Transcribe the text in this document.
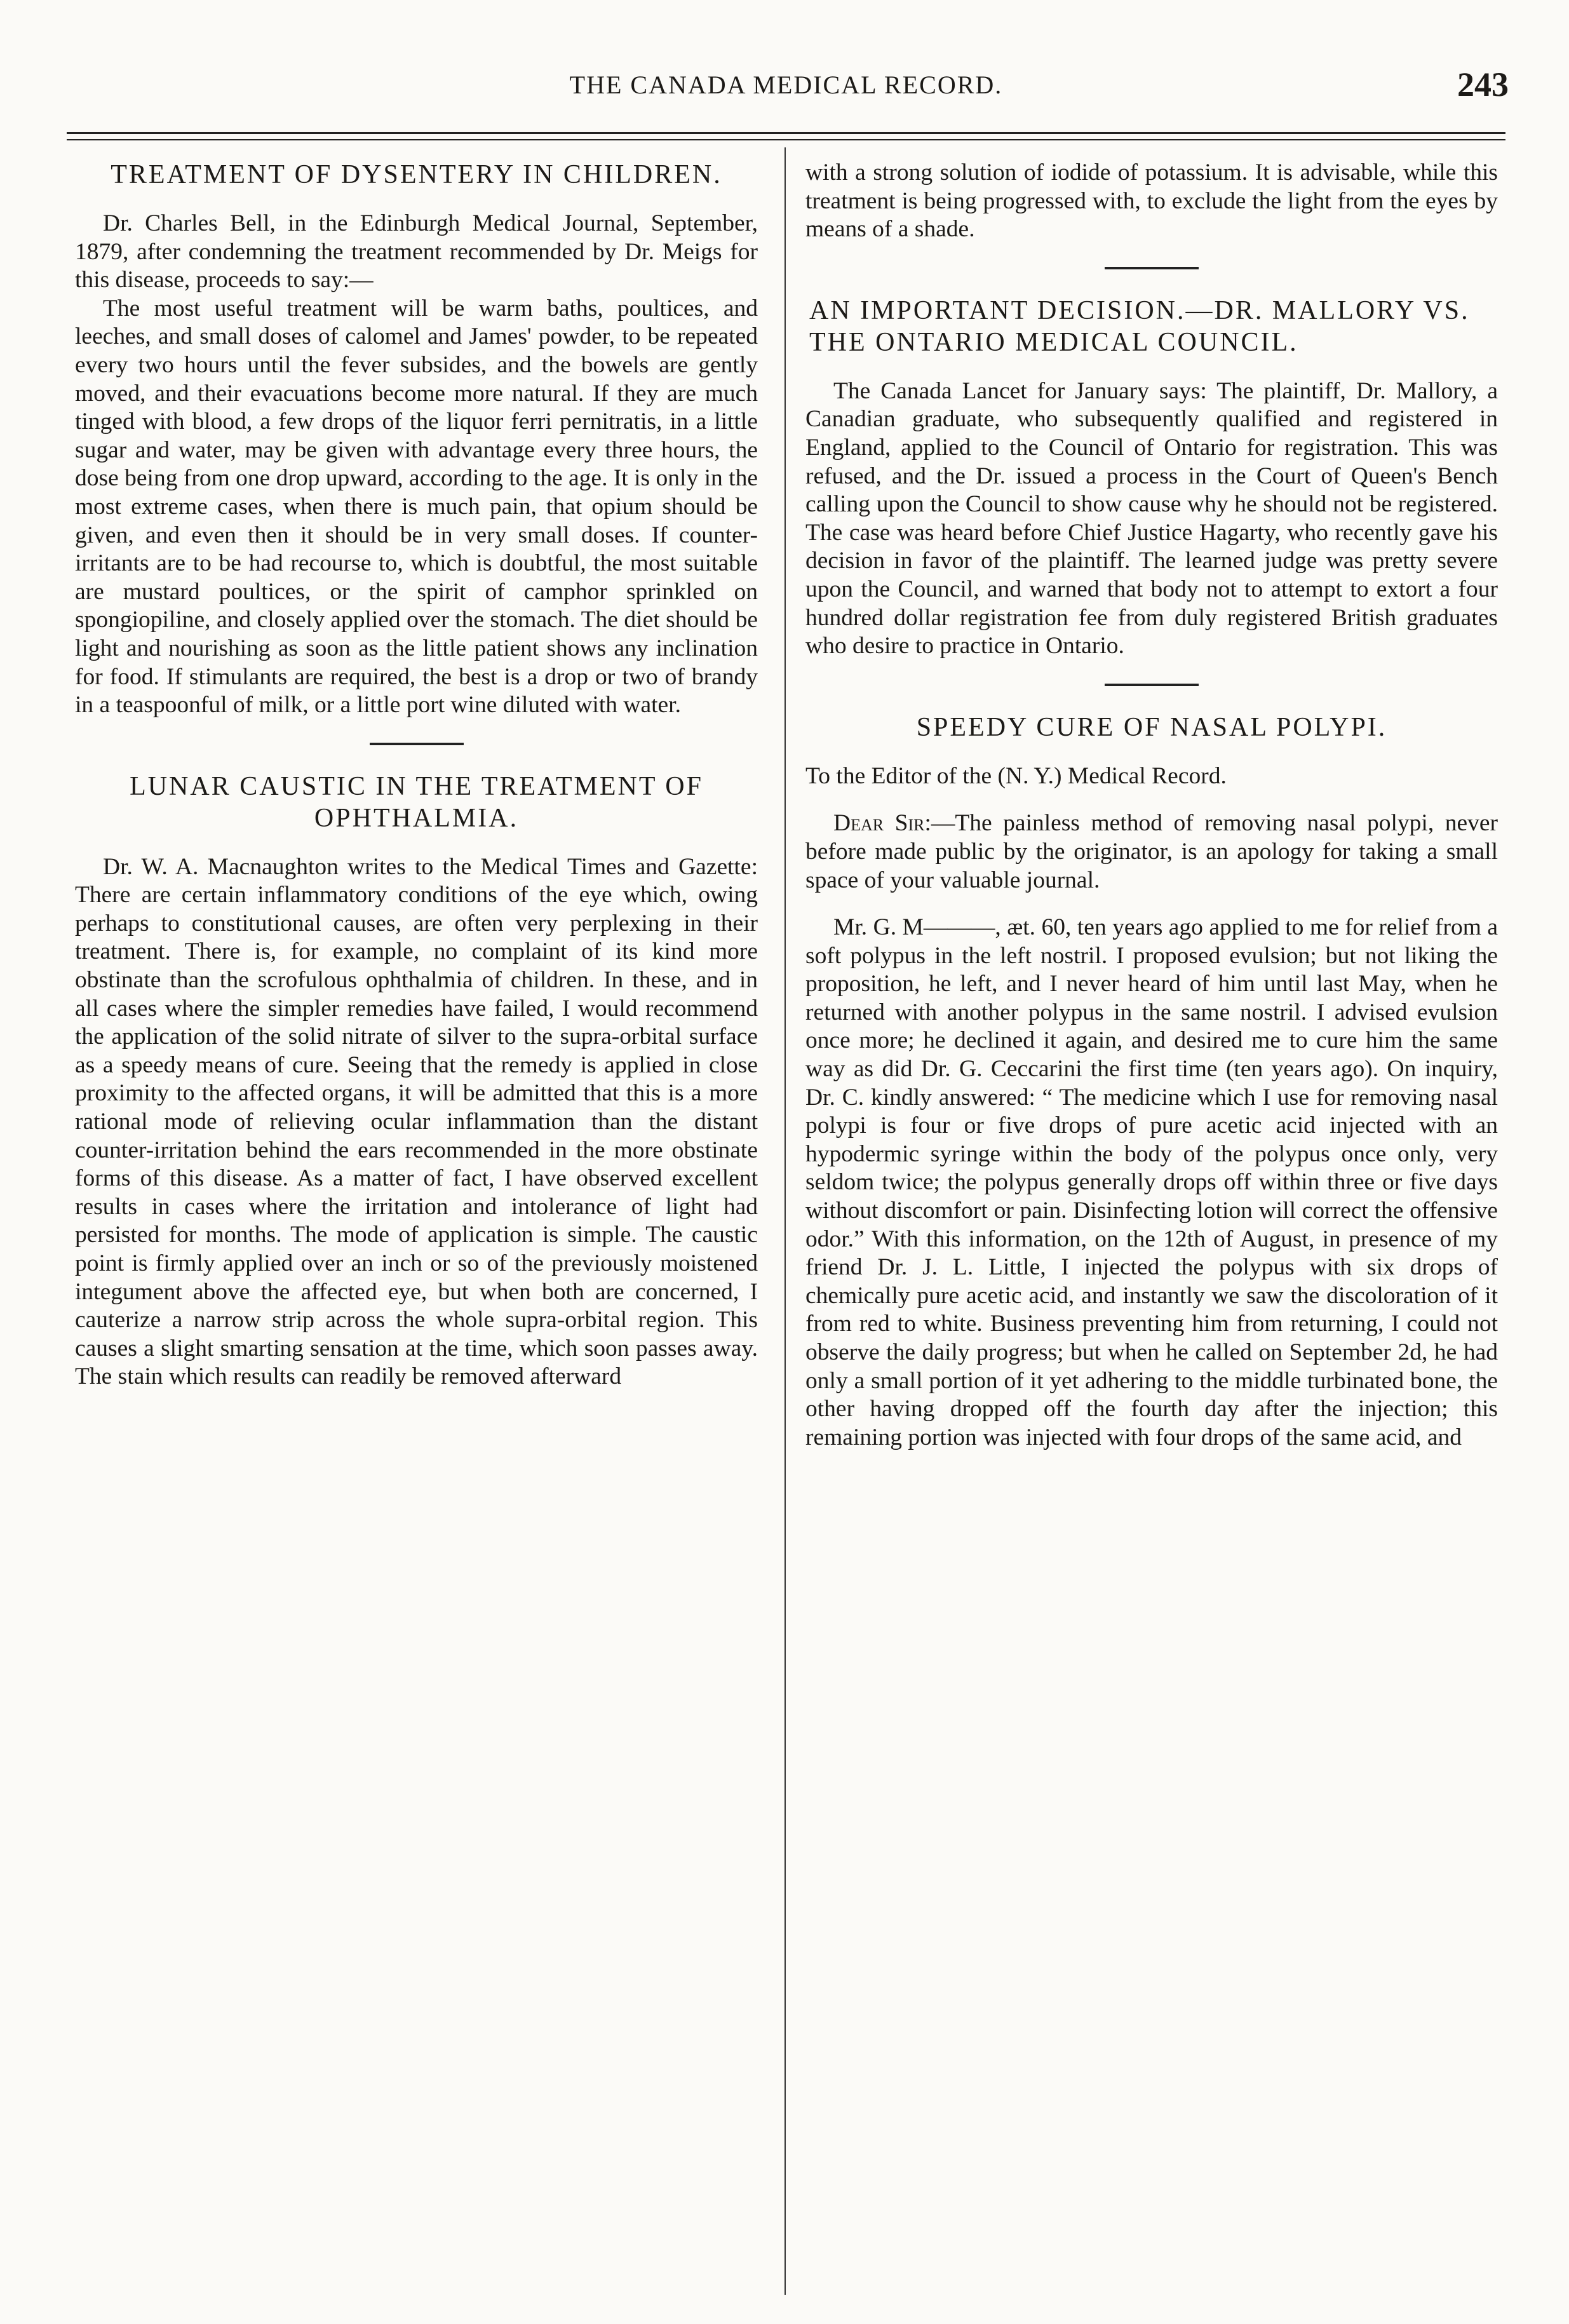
THE CANADA MEDICAL RECORD.	243
TREATMENT OF DYSENTERY IN CHILDREN.

Dr. Charles Bell, in the Edinburgh Medical Journal, September, 1879, after condemning the treatment recommended by Dr. Meigs for this disease, proceeds to say:—

The most useful treatment will be warm baths, poultices, and leeches, and small doses of calomel and James' powder, to be repeated every two hours until the fever subsides, and the bowels are gently moved, and their evacuations become more natural. If they are much tinged with blood, a few drops of the liquor ferri pernitratis, in a little sugar and water, may be given with advantage every three hours, the dose being from one drop upward, according to the age. It is only in the most extreme cases, when there is much pain, that opium should be given, and even then it should be in very small doses. If counter-irritants are to be had recourse to, which is doubtful, the most suitable are mustard poultices, or the spirit of camphor sprinkled on spongiopiline, and closely applied over the stomach. The diet should be light and nourishing as soon as the little patient shows any inclination for food. If stimulants are required, the best is a drop or two of brandy in a teaspoonful of milk, or a little port wine diluted with water.

LUNAR CAUSTIC IN THE TREATMENT OF OPHTHALMIA.

Dr. W. A. Macnaughton writes to the Medical Times and Gazette: There are certain inflammatory conditions of the eye which, owing perhaps to constitutional causes, are often very perplexing in their treatment. There is, for example, no complaint of its kind more obstinate than the scrofulous ophthalmia of children. In these, and in all cases where the simpler remedies have failed, I would recommend the application of the solid nitrate of silver to the supra-orbital surface as a speedy means of cure. Seeing that the remedy is applied in close proximity to the affected organs, it will be admitted that this is a more rational mode of relieving ocular inflammation than the distant counter-irritation behind the ears recommended in the more obstinate forms of this disease. As a matter of fact, I have observed excellent results in cases where the irritation and intolerance of light had persisted for months. The mode of application is simple. The caustic point is firmly applied over an inch or so of the previously moistened integument above the affected eye, but when both are concerned, I cauterize a narrow strip across the whole supra-orbital region. This causes a slight smarting sensation at the time, which soon passes away. The stain which results can readily be removed afterward

with a strong solution of iodide of potassium. It is advisable, while this treatment is being progressed with, to exclude the light from the eyes by means of a shade.

AN IMPORTANT DECISION.—DR. MALLORY VS. THE ONTARIO MEDICAL COUNCIL.

The Canada Lancet for January says: The plaintiff, Dr. Mallory, a Canadian graduate, who subsequently qualified and registered in England, applied to the Council of Ontario for registration. This was refused, and the Dr. issued a process in the Court of Queen's Bench calling upon the Council to show cause why he should not be registered. The case was heard before Chief Justice Hagarty, who recently gave his decision in favor of the plaintiff. The learned judge was pretty severe upon the Council, and warned that body not to attempt to extort a four hundred dollar registration fee from duly registered British graduates who desire to practice in Ontario.

SPEEDY CURE OF NASAL POLYPI.

To the Editor of the (N. Y.) Medical Record.

Dear Sir:—The painless method of removing nasal polypi, never before made public by the originator, is an apology for taking a small space of your valuable journal.

Mr. G. M———, æt. 60, ten years ago applied to me for relief from a soft polypus in the left nostril. I proposed evulsion; but not liking the proposition, he left, and I never heard of him until last May, when he returned with another polypus in the same nostril. I advised evulsion once more; he declined it again, and desired me to cure him the same way as did Dr. G. Ceccarini the first time (ten years ago). On inquiry, Dr. C. kindly answered: “ The medicine which I use for removing nasal polypi is four or five drops of pure acetic acid injected with an hypodermic syringe within the body of the polypus once only, very seldom twice; the polypus generally drops off within three or five days without discomfort or pain. Disinfecting lotion will correct the offensive odor.” With this information, on the 12th of August, in presence of my friend Dr. J. L. Little, I injected the polypus with six drops of chemically pure acetic acid, and instantly we saw the discoloration of it from red to white. Business preventing him from returning, I could not observe the daily progress; but when he called on September 2d, he had only a small portion of it yet adhering to the middle turbinated bone, the other having dropped off the fourth day after the injection; this remaining portion was injected with four drops of the same acid, and
